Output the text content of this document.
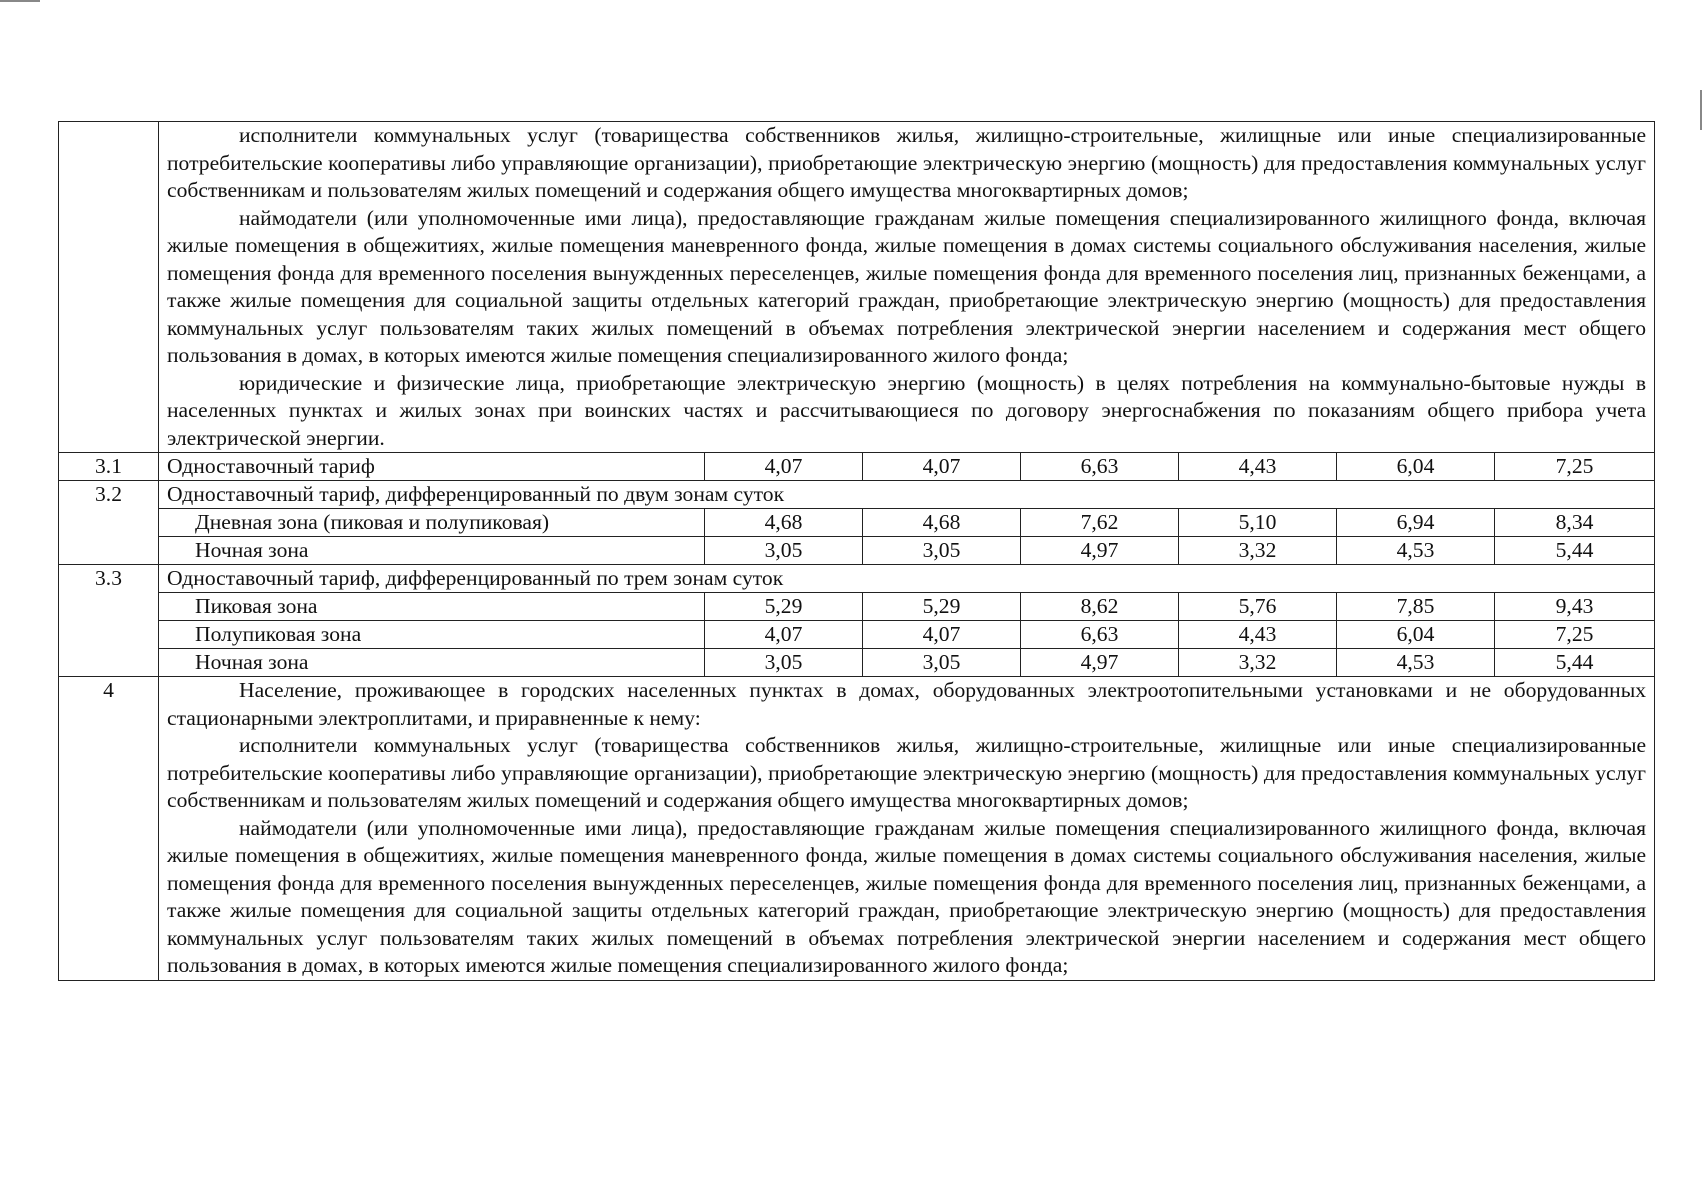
	исполнители коммунальных услуг (товарищества собственников жилья, жилищно-строительные, жилищные или иные специализированные потребительские кооперативы либо управляющие организации), приобретающие электрическую энергию (мощность) для предоставления коммунальных услуг собственникам и пользователям жилых помещений и содержания общего имущества многоквартирных домов;

наймодатели (или уполномоченные ими лица), предоставляющие гражданам жилые помещения специализированного жилищного фонда, включая жилые помещения в общежитиях, жилые помещения маневренного фонда, жилые помещения в домах системы социального обслуживания населения, жилые помещения фонда для временного поселения вынужденных переселенцев, жилые помещения фонда для временного поселения лиц, признанных беженцами, а также жилые помещения для социальной защиты отдельных категорий граждан, приобретающие электрическую энергию (мощность) для предоставления коммунальных услуг пользователям таких жилых помещений в объемах потребления электрической энергии населением и содержания мест общего пользования в домах, в которых имеются жилые помещения специализированного жилого фонда;

юридические и физические лица, приобретающие электрическую энергию (мощность) в целях потребления на коммунально-бытовые нужды в населенных пунктах и жилых зонах при воинских частях и рассчитывающиеся по договору энергоснабжения по показаниям общего прибора учета электрической энергии.						

3.1	Одноставочный тариф	4,07	4,07	6,63	4,43	6,04	7,25
3.2	Одноставочный тариф, дифференцированный по двум зонам суток						
	Дневная зона (пиковая и полупиковая)	4,68	4,68	7,62	5,10	6,94	8,34
	Ночная зона	3,05	3,05	4,97	3,32	4,53	5,44
3.3	Одноставочный тариф, дифференцированный по трем зонам суток						
	Пиковая зона	5,29	5,29	8,62	5,76	7,85	9,43
	Полупиковая зона	4,07	4,07	6,63	4,43	6,04	7,25
	Ночная зона	3,05	3,05	4,97	3,32	4,53	5,44
4	Население, проживающее в городских населенных пунктах в домах, оборудованных электроотопительными установками и не оборудованных стационарными электроплитами, и приравненные к нему:

исполнители коммунальных услуг (товарищества собственников жилья, жилищно-строительные, жилищные или иные специализированные потребительские кооперативы либо управляющие организации), приобретающие электрическую энергию (мощность) для предоставления коммунальных услуг собственникам и пользователям жилых помещений и содержания общего имущества многоквартирных домов;

наймодатели (или уполномоченные ими лица), предоставляющие гражданам жилые помещения специализированного жилищного фонда, включая жилые помещения в общежитиях, жилые помещения маневренного фонда, жилые помещения в домах системы социального обслуживания населения, жилые помещения фонда для временного поселения вынужденных переселенцев, жилые помещения фонда для временного поселения лиц, признанных беженцами, а также жилые помещения для социальной защиты отдельных категорий граждан, приобретающие электрическую энергию (мощность) для предоставления коммунальных услуг пользователям таких жилых помещений в объемах потребления электрической энергии населением и содержания мест общего пользования в домах, в которых имеются жилые помещения специализированного жилого фонда;						
